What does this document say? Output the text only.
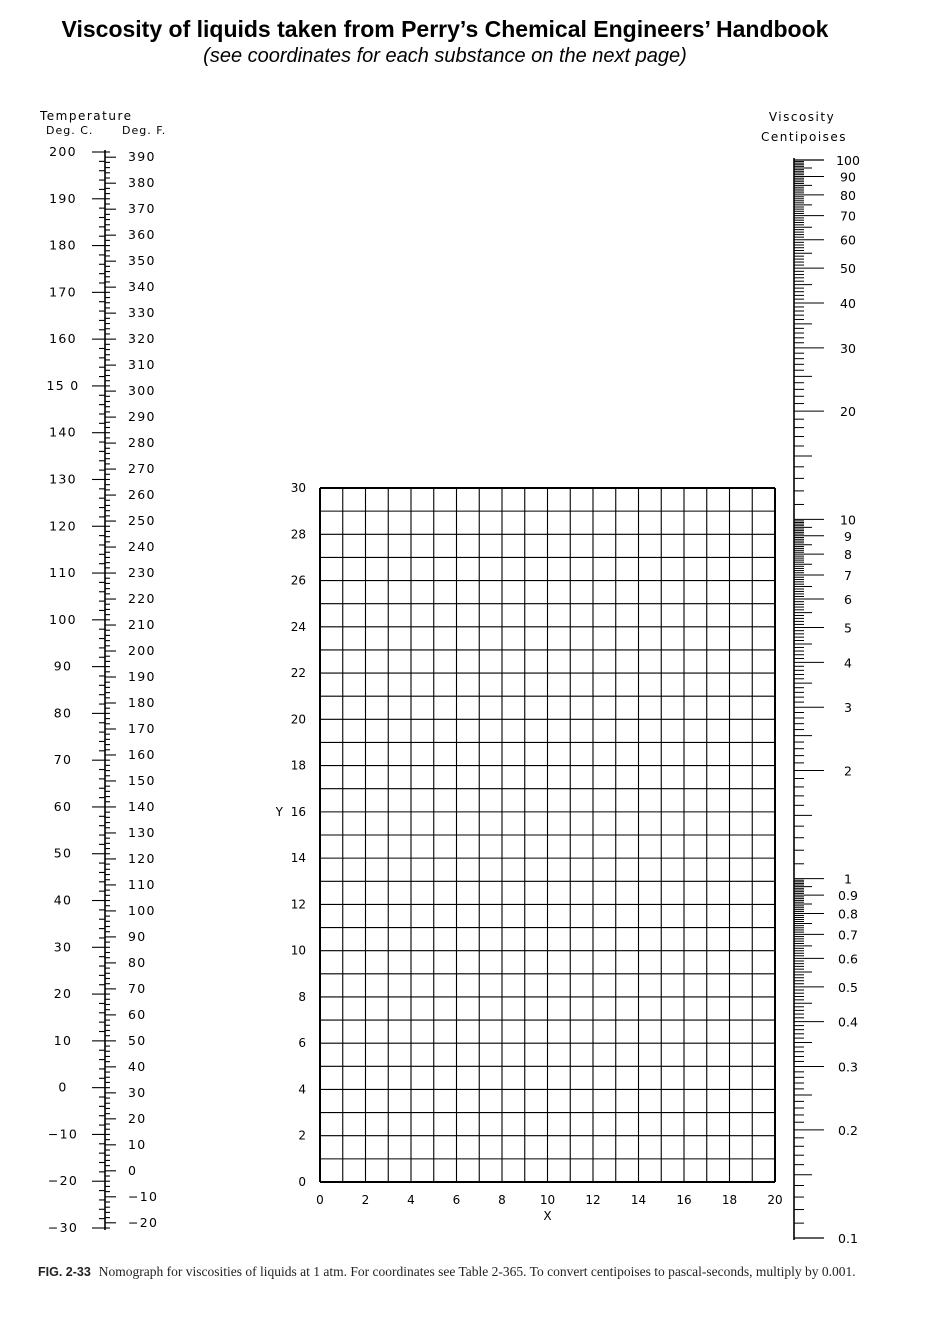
Viscosity of liquids taken from Perry’s Chemical Engineers’ Handbook
(see coordinates for each substance on the next page)
Temperature
Deg. C.	Deg. F.
200
190
180
170
160
15 0
140
130
120
110
100
90
80
70
60
50
40
30
20
10
0
−10
−20
−30
390
380
370
360
350
340
330
320
310
300
290
280
270
260
250
240
230
220
210
200
190
180
170
160
150
140
130
120
110
100
90
80
70
60
50
40
30
20
10
0
−10
−20
0	2	4	6	8	10	12	14	16	18	20
X
0
2
4
6
8
10
12
14
16
18
20
22
24
26
28
30
Y
Viscosity
Centipoises
100
90
80
70
60
50
40
30
20
10
9
8
7
6
5
4
3
2
1
0.9
0.8
0.7
0.6
0.5
0.4
0.3
0.2
0.1
FIG. 2-33 Nomograph for viscosities of liquids at 1 atm. For coordinates see Table 2-365. To convert centipoises to pascal-seconds, multiply by 0.001.
